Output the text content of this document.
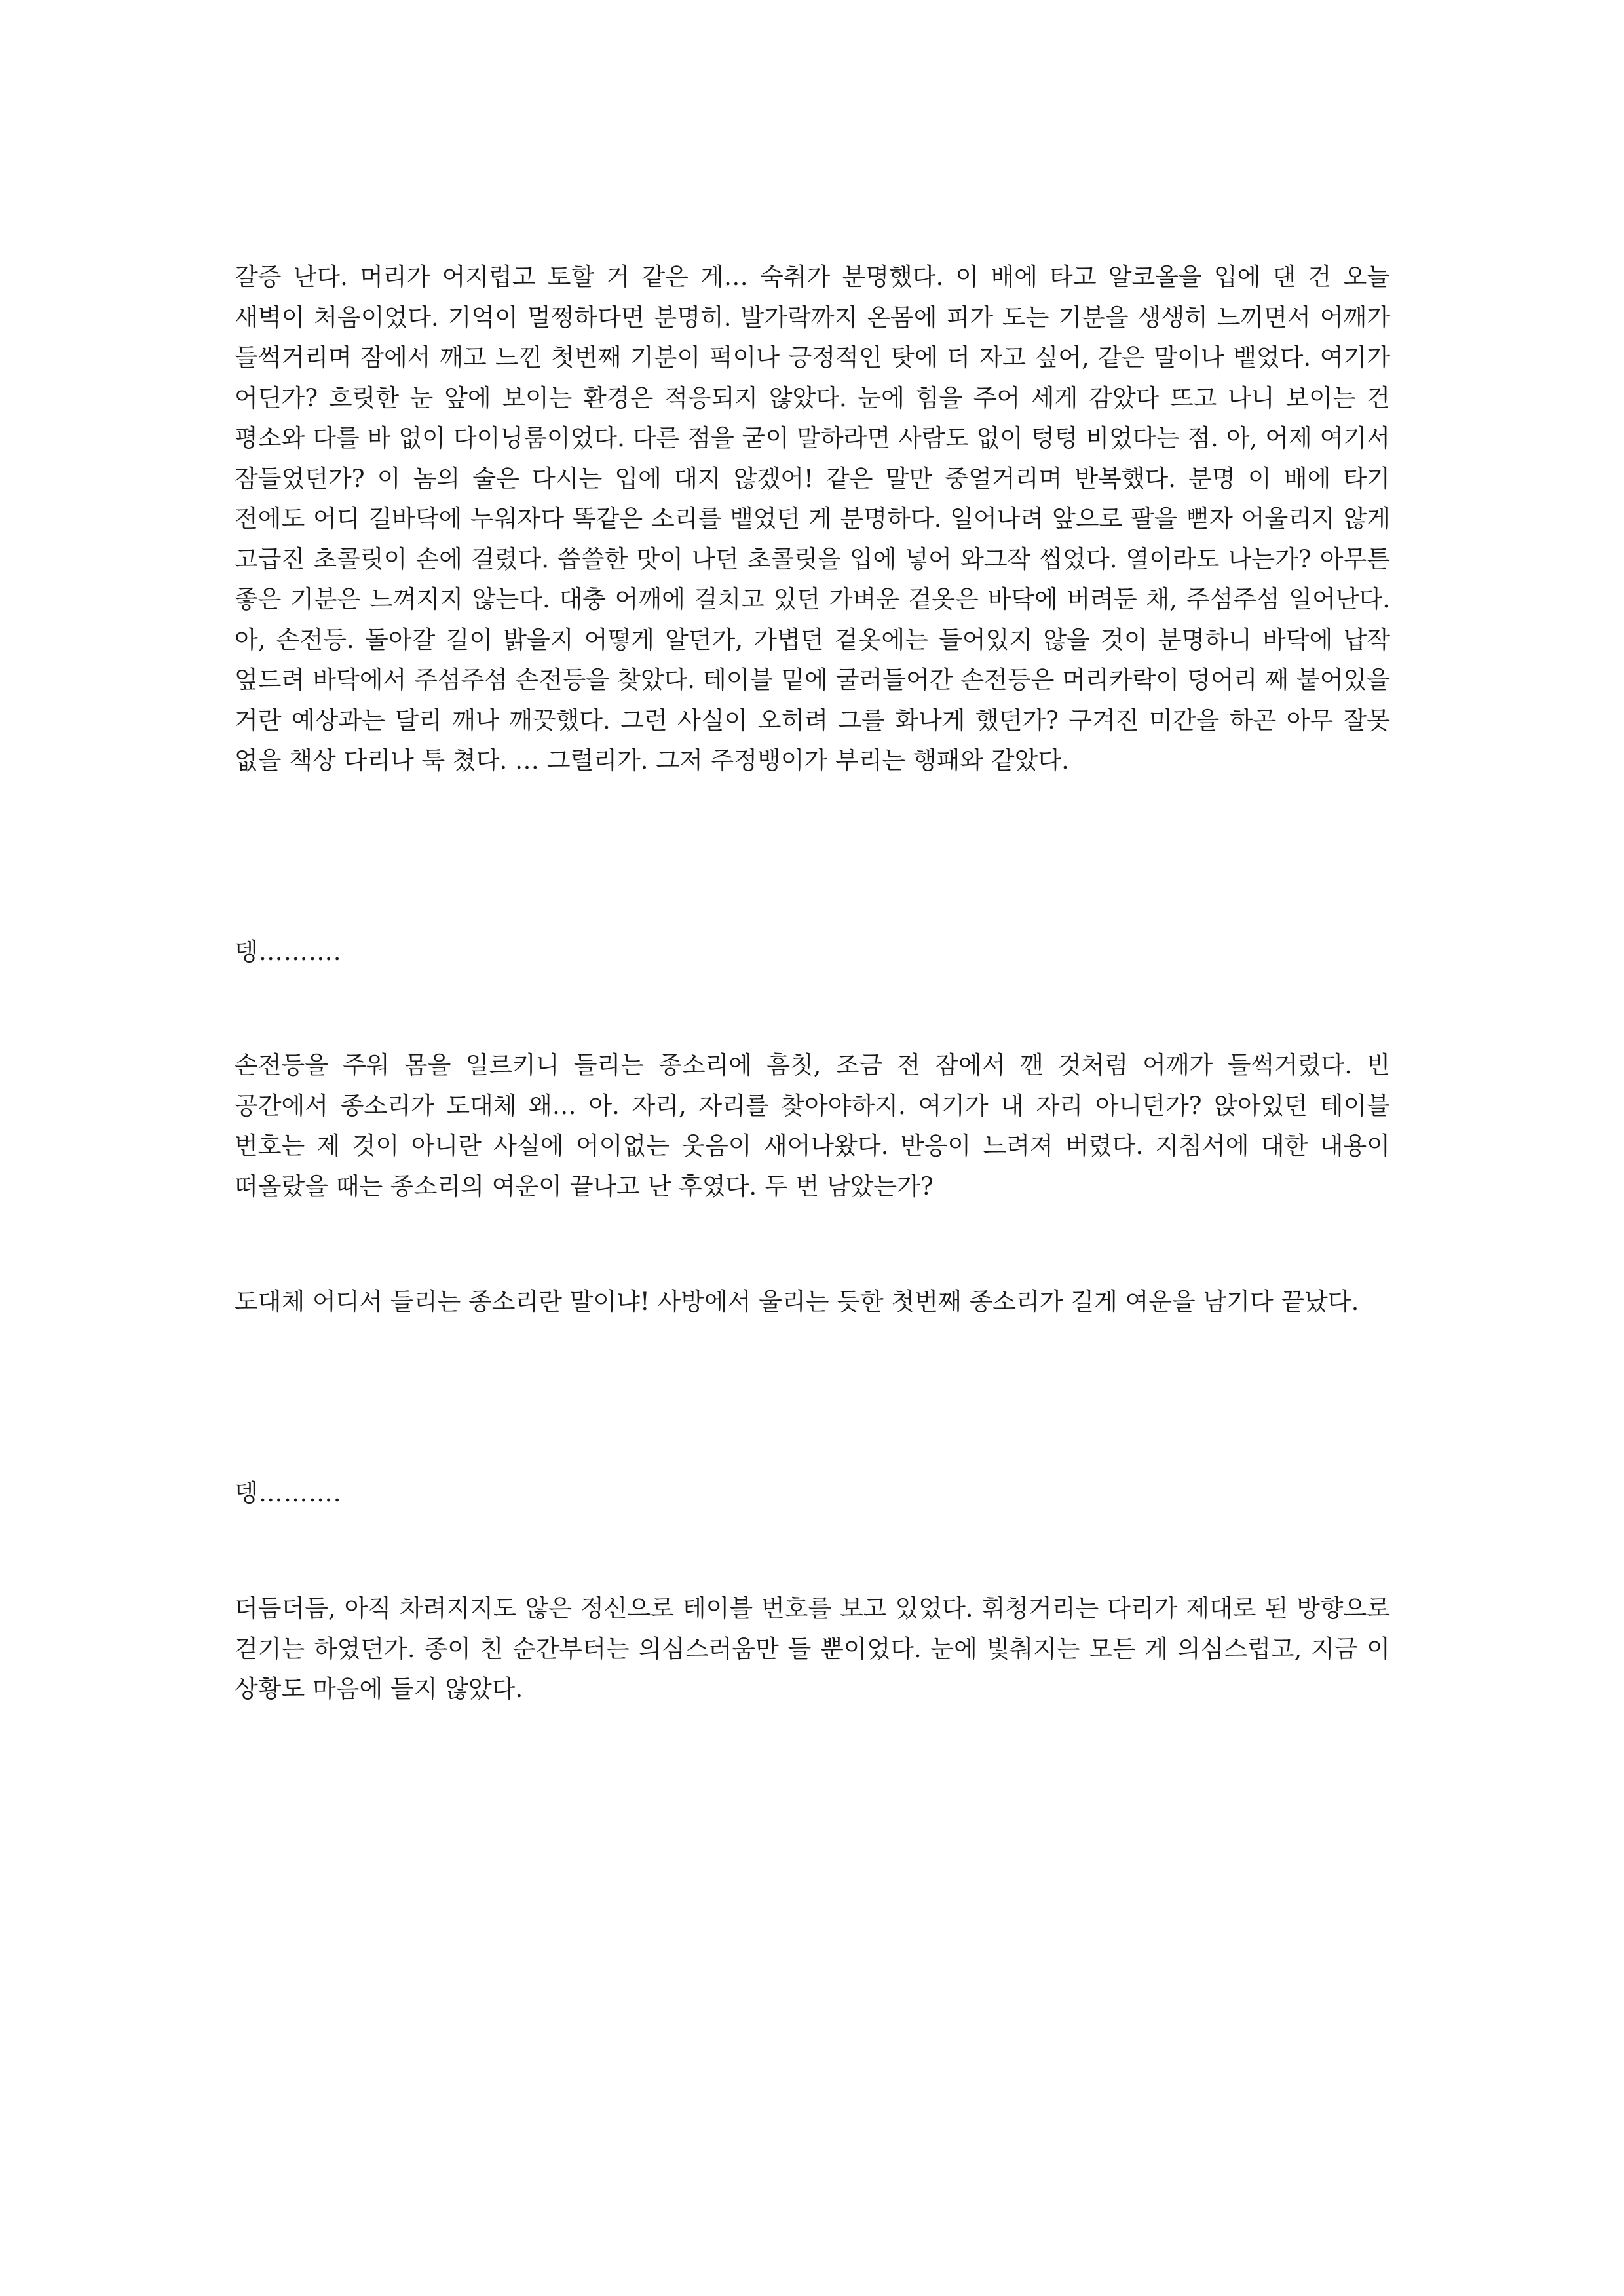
갈증 난다. 머리가 어지럽고 토할 거 같은 게… 숙취가 분명했다. 이 배에 타고 알코올을 입에 댄 건 오늘 새벽이 처음이었다. 기억이 멀쩡하다면 분명히. 발가락까지 온몸에 피가 도는 기분을 생생히 느끼면서 어깨가 들썩거리며 잠에서 깨고 느낀 첫번째 기분이 퍽이나 긍정적인 탓에 더 자고 싶어, 같은 말이나 뱉었다. 여기가 어딘가? 흐릿한 눈 앞에 보이는 환경은 적응되지 않았다. 눈에 힘을 주어 세게 감았다 뜨고 나니 보이는 건 평소와 다를 바 없이 다이닝룸이었다. 다른 점을 굳이 말하라면 사람도 없이 텅텅 비었다는 점. 아, 어제 여기서 잠들었던가? 이 놈의 술은 다시는 입에 대지 않겠어! 같은 말만 중얼거리며 반복했다. 분명 이 배에 타기 전에도 어디 길바닥에 누워자다 똑같은 소리를 뱉었던 게 분명하다. 일어나려 앞으로 팔을 뻗자 어울리지 않게 고급진 초콜릿이 손에 걸렸다. 씁쓸한 맛이 나던 초콜릿을 입에 넣어 와그작 씹었다. 열이라도 나는가? 아무튼 좋은 기분은 느껴지지 않는다. 대충 어깨에 걸치고 있던 가벼운 겉옷은 바닥에 버려둔 채, 주섬주섬 일어난다. 아, 손전등. 돌아갈 길이 밝을지 어떻게 알던가, 가볍던 겉옷에는 들어있지 않을 것이 분명하니 바닥에 납작 엎드려 바닥에서 주섬주섬 손전등을 찾았다. 테이블 밑에 굴러들어간 손전등은 머리카락이 덩어리 째 붙어있을 거란 예상과는 달리 깨나 깨끗했다. 그런 사실이 오히려 그를 화나게 했던가? 구겨진 미간을 하곤 아무 잘못 없을 책상 다리나 툭 쳤다. … 그럴리가. 그저 주정뱅이가 부리는 행패와 같았다.

뎅……….

손전등을 주워 몸을 일르키니 들리는 종소리에 흠칫, 조금 전 잠에서 깬 것처럼 어깨가 들썩거렸다. 빈 공간에서 종소리가 도대체 왜… 아. 자리, 자리를 찾아야하지. 여기가 내 자리 아니던가? 앉아있던 테이블 번호는 제 것이 아니란 사실에 어이없는 웃음이 새어나왔다. 반응이 느려져 버렸다. 지침서에 대한 내용이 떠올랐을 때는 종소리의 여운이 끝나고 난 후였다. 두 번 남았는가?

도대체 어디서 들리는 종소리란 말이냐! 사방에서 울리는 듯한 첫번째 종소리가 길게 여운을 남기다 끝났다.

뎅……….

더듬더듬, 아직 차려지지도 않은 정신으로 테이블 번호를 보고 있었다. 휘청거리는 다리가 제대로 된 방향으로 걷기는 하였던가. 종이 친 순간부터는 의심스러움만 들 뿐이었다. 눈에 빛춰지는 모든 게 의심스럽고, 지금 이 상황도 마음에 들지 않았다.
